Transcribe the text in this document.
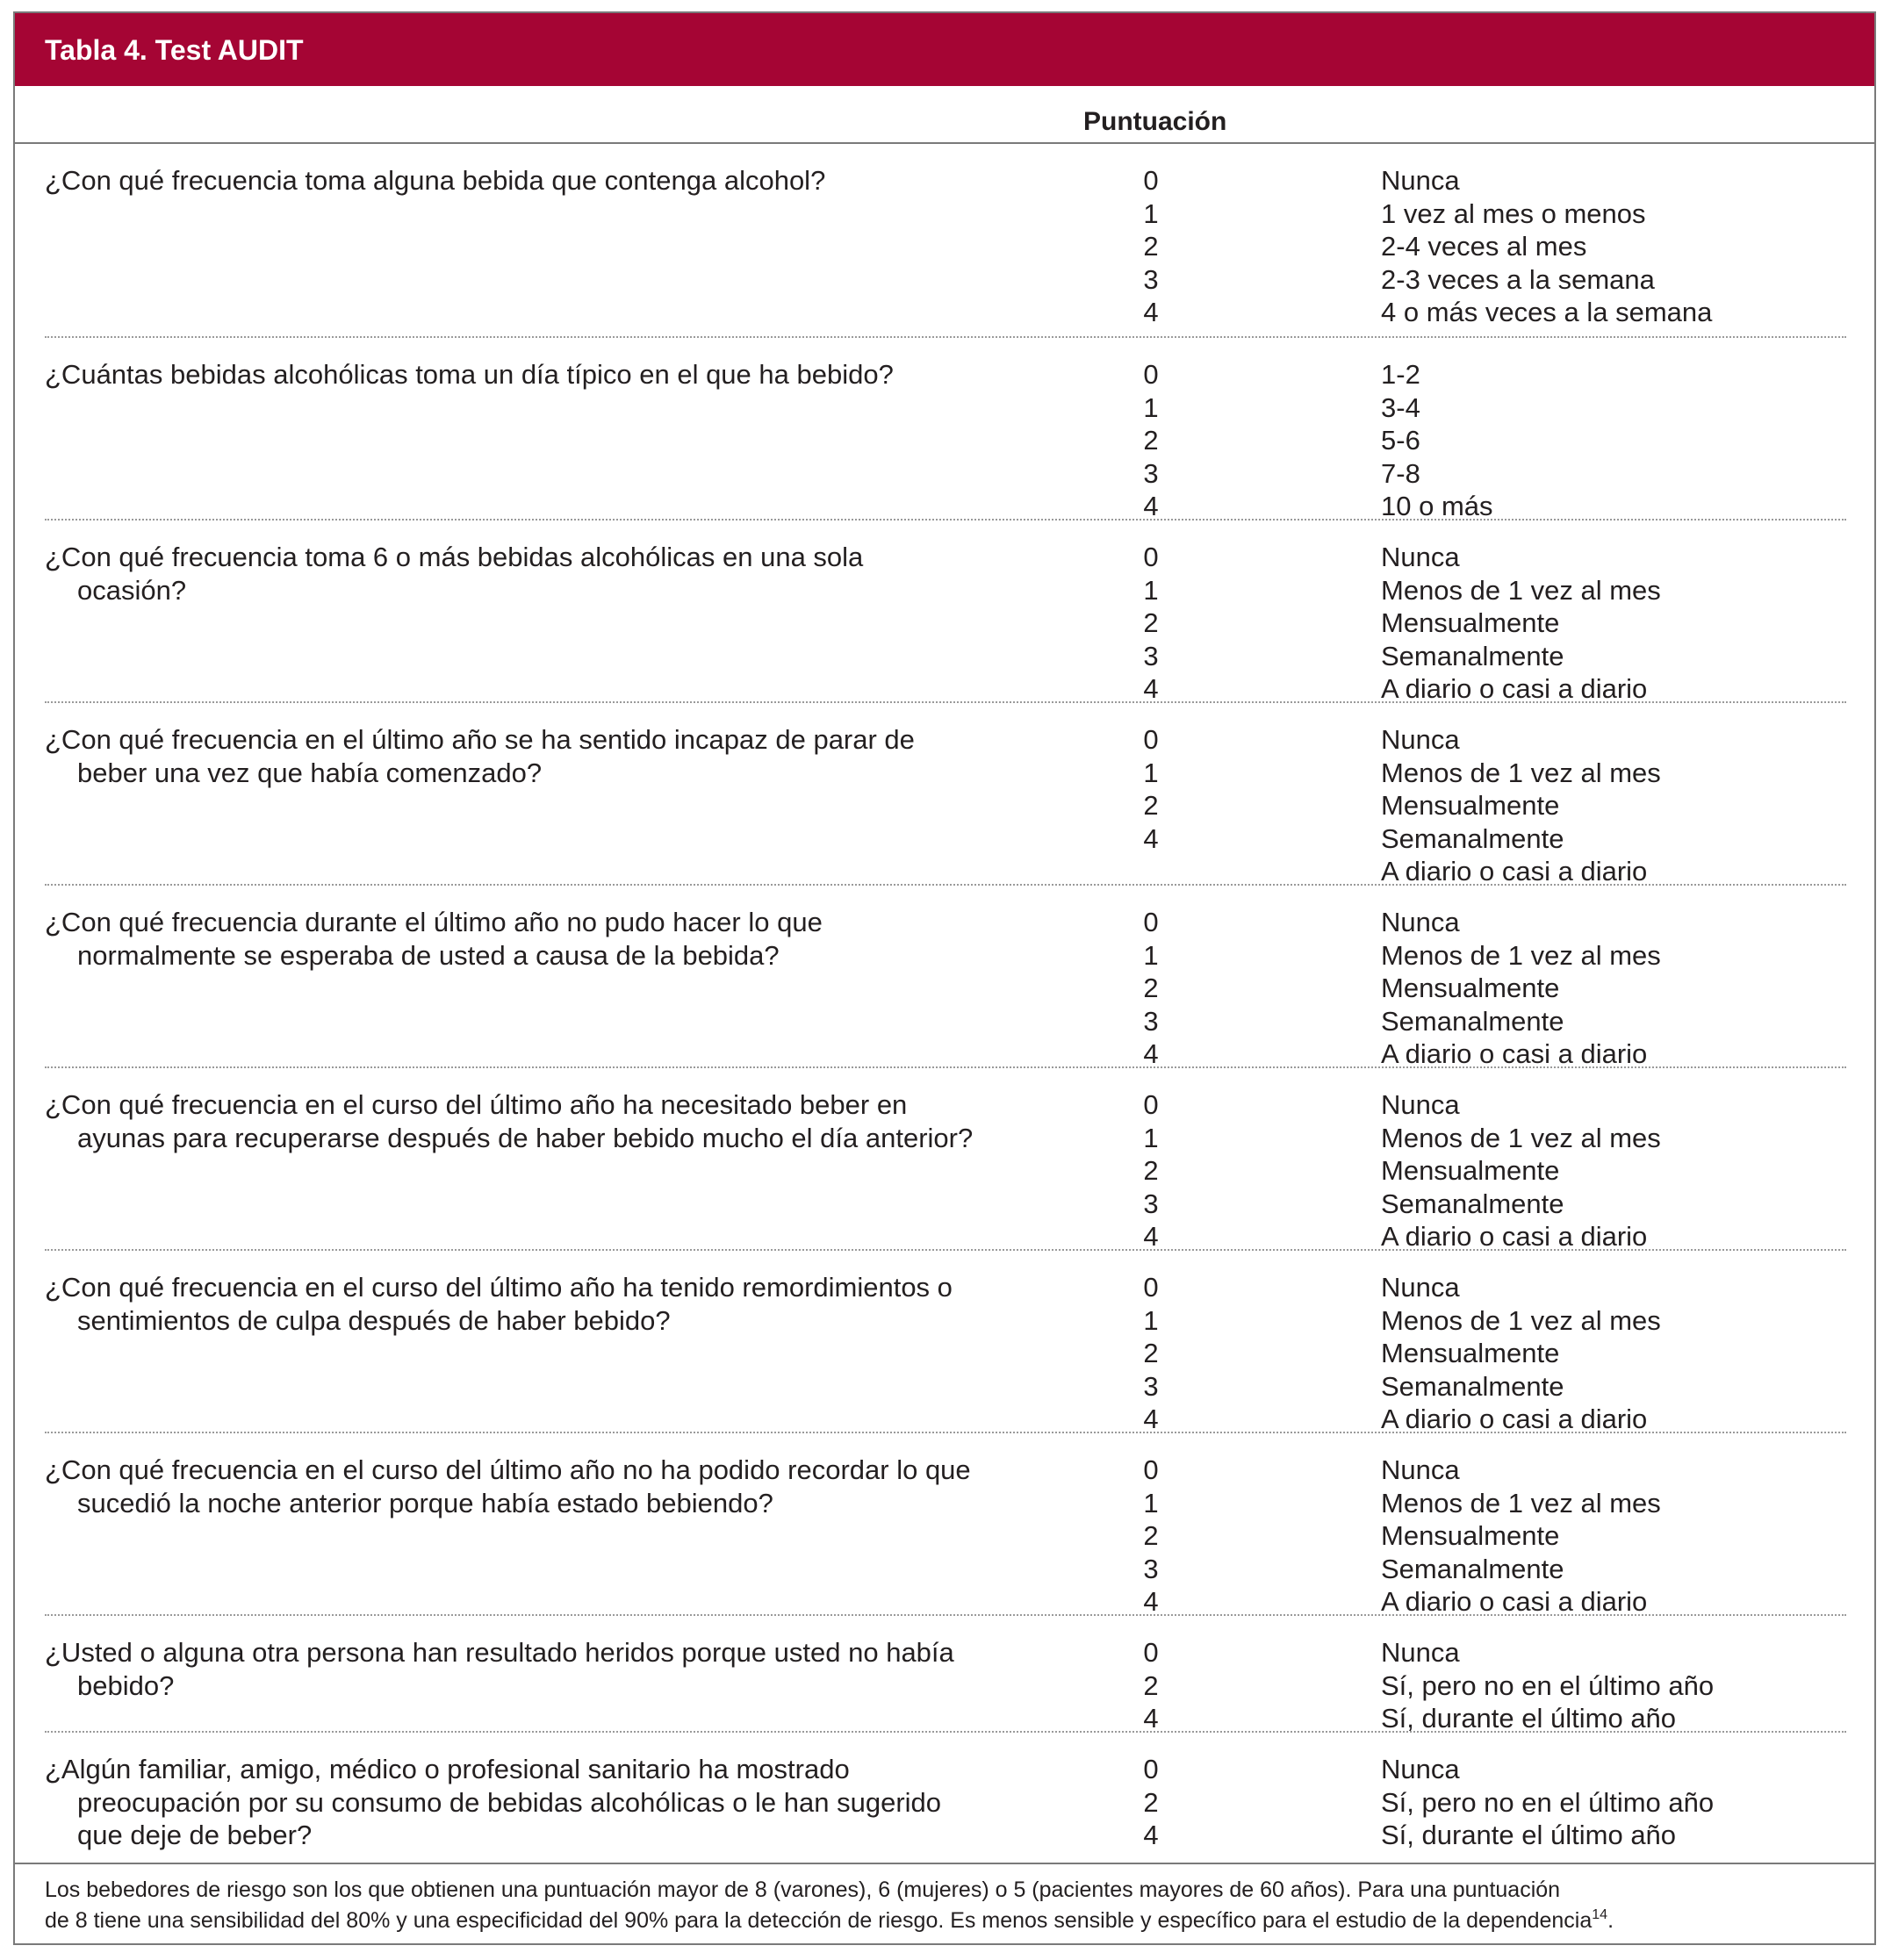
Tabla 4. Test AUDIT
Puntuación
¿Con qué frecuencia toma alguna bebida que contenga alcohol?	0
1
2
3
4
Nunca
1 vez al mes o menos
2-4 veces al mes
2-3 veces a la semana
4 o más veces a la semana
¿Cuántas bebidas alcohólicas toma un día típico en el que ha bebido?	0
1
2
3
4
1-2
3-4
5-6
7-8
10 o más
¿Con qué frecuencia toma 6 o más bebidas alcohólicas en una sola ocasión?
0
1
2
3
4
Nunca
Menos de 1 vez al mes
Mensualmente
Semanalmente
A diario o casi a diario
¿Con qué frecuencia en el último año se ha sentido incapaz de parar de beber una vez que había comenzado?
0
1
2
4
Nunca
Menos de 1 vez al mes
Mensualmente
Semanalmente
A diario o casi a diario
¿Con qué frecuencia durante el último año no pudo hacer lo que normalmente se esperaba de usted a causa de la bebida?
0
1
2
3
4
Nunca
Menos de 1 vez al mes
Mensualmente
Semanalmente
A diario o casi a diario
¿Con qué frecuencia en el curso del último año ha necesitado beber en ayunas para recuperarse después de haber bebido mucho el día anterior?
0
1
2
3
4
Nunca
Menos de 1 vez al mes
Mensualmente
Semanalmente
A diario o casi a diario
¿Con qué frecuencia en el curso del último año ha tenido remordimientos o sentimientos de culpa después de haber bebido?
0
1
2
3
4
Nunca
Menos de 1 vez al mes
Mensualmente
Semanalmente
A diario o casi a diario
¿Con qué frecuencia en el curso del último año no ha podido recordar lo que sucedió la noche anterior porque había estado bebiendo?
0
1
2
3
4
Nunca
Menos de 1 vez al mes
Mensualmente
Semanalmente
A diario o casi a diario
¿Usted o alguna otra persona han resultado heridos porque usted no había bebido?
0
2
4
Nunca
Sí, pero no en el último año
Sí, durante el último año
¿Algún familiar, amigo, médico o profesional sanitario ha mostrado preocupación por su consumo de bebidas alcohólicas o le han sugerido que deje de beber?
0
2
4
Nunca
Sí, pero no en el último año
Sí, durante el último año
Los bebedores de riesgo son los que obtienen una puntuación mayor de 8 (varones), 6 (mujeres) o 5 (pacientes mayores de 60 años). Para una puntuación
de 8 tiene una sensibilidad del 80% y una especificidad del 90% para la detección de riesgo. Es menos sensible y específico para el estudio de la dependencia$^{14}$.
